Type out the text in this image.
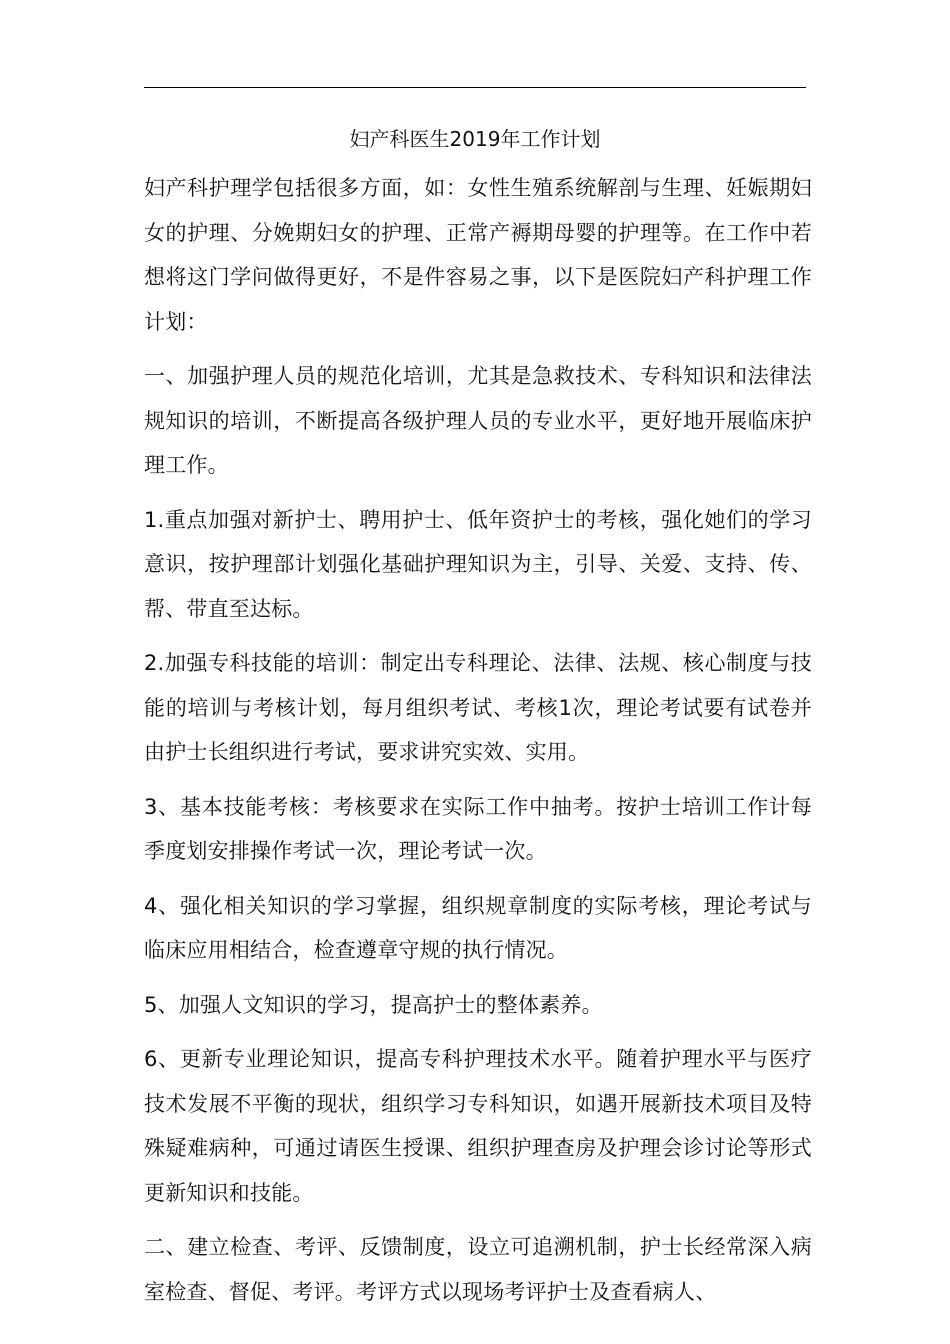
妇产科医生2019年工作计划

妇产科护理学包括很多方面，如：女性生殖系统解剖与生理、妊娠期妇女的护理、分娩期妇女的护理、正常产褥期母婴的护理等。在工作中若想将这门学问做得更好，不是件容易之事，以下是医院妇产科护理工作计划：

一、加强护理人员的规范化培训，尤其是急救技术、专科知识和法律法规知识的培训，不断提高各级护理人员的专业水平，更好地开展临床护理工作。

1.重点加强对新护士、聘用护士、低年资护士的考核，强化她们的学习意识，按护理部计划强化基础护理知识为主，引导、关爱、支持、传、帮、带直至达标。

2.加强专科技能的培训：制定出专科理论、法律、法规、核心制度与技能的培训与考核计划，每月组织考试、考核1次，理论考试要有试卷并由护士长组织进行考试，要求讲究实效、实用。

3、基本技能考核：考核要求在实际工作中抽考。按护士培训工作计每季度划安排操作考试一次，理论考试一次。

4、强化相关知识的学习掌握，组织规章制度的实际考核，理论考试与临床应用相结合，检查遵章守规的执行情况。

5、加强人文知识的学习，提高护士的整体素养。

6、更新专业理论知识，提高专科护理技术水平。随着护理水平与医疗技术发展不平衡的现状，组织学习专科知识，如遇开展新技术项目及特殊疑难病种，可通过请医生授课、组织护理查房及护理会诊讨论等形式更新知识和技能。

二、建立检查、考评、反馈制度，设立可追溯机制，护士长经常深入病室检查、督促、考评。考评方式以现场考评护士及查看病人、
